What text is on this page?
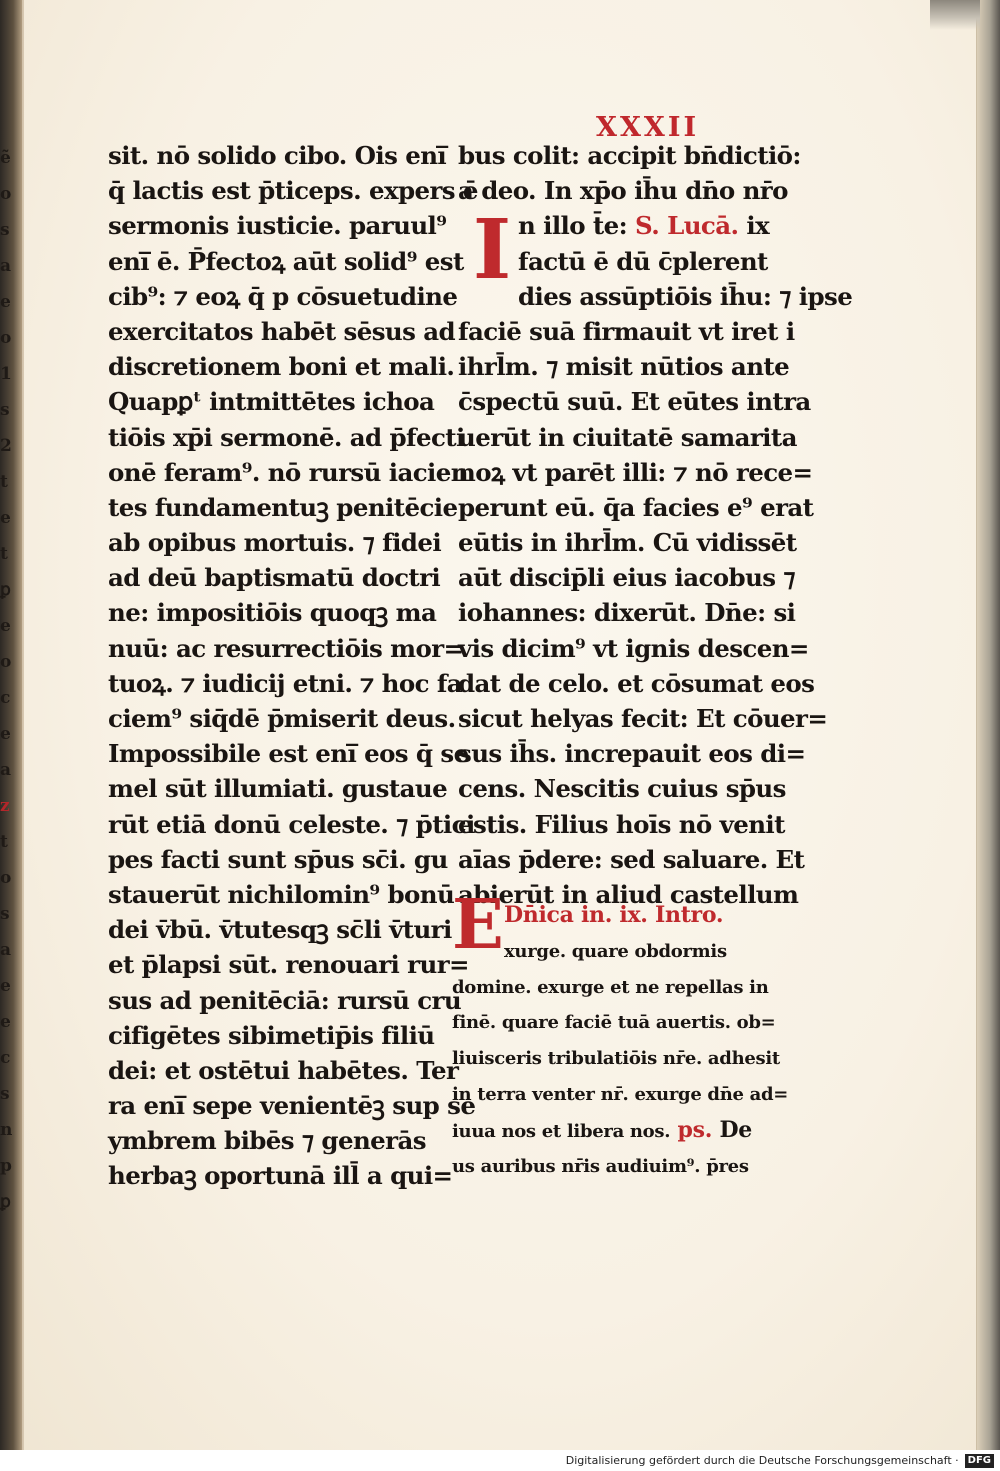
ẽ
o
s
a
e
o
1
s
2
t
e
t
ꝑ
e
o
c
e
a
z
t
o
s
a
e
e
c
s
n
p
ꝑ
XXXII
sit. nō solido cibo. Ois eni̅
q̄ lactis est p̄ticeps. expers ē
sermonis iusticie. paruul⁹
eni̅ ē. P̄fectoꝝ aūt solid⁹ est
cib⁹: ⁊ eoꝝ q̄ p cōsuetudine
exercitatos habēt sēsus ad
discretionem boni et mali.
Quapꝑᵗ intmittētes ichoa
tiōis xp̄i sermonē. ad p̄fecti
onē feram⁹. nō rursū iacien
tes fundamentuꝫ penitēcie
ab opibus mortuis. ⁊ fidei
ad deū baptismatū doctri
ne: impositiōis quoqꝫ ma
nuū: ac resurrectiōis mor=
tuoꝝ. ⁊ iudicij etni. ⁊ hoc fa
ciem⁹ siq̄dē p̄miserit deus.
Impossibile est eni̅ eos q̄ se
mel sūt illumiati. gustaue
rūt etiā donū celeste. ⁊ p̄tici
pes facti sunt sp̄us sc̄i. gu
stauerūt nichilomin⁹ bonū
dei v̄bū. v̄tutesqꝫ sc̄li v̄turi
et p̄lapsi sūt. renouari rur=
sus ad penitēciā: rursū cru
cifigētes sibimetip̄is filiū
dei: et ostētui habētes. Ter
ra eni̅ sepe venientēꝫ sup se
ymbrem bibēs ⁊ generās
herbaꝫ oportunā ill̄ a qui=
I
bus colit: accipit bn̄dictiō:
a deo. In xp̄o ih̄u dn̄o nr̄o
n illo t̄e: S. Lucā. ix
factū ē dū c̄plerent
dies assūptiōis ih̄u: ⁊ ipse
faciē suā firmauit vt iret i
ihrl̄m. ⁊ misit nūtios ante
c̄spectū suū. Et eūtes intra
uerūt in ciuitatē samarita
noꝝ vt parēt illi: ⁊ nō rece=
perunt eū. q̄a facies e⁹ erat
eūtis in ihrl̄m. Cū vidissēt
aūt discip̄li eius iacobus ⁊
iohannes: dixerūt. Dn̄e: si
vis dicim⁹ vt ignis descen=
dat de celo. et cōsumat eos
sicut helyas fecit: Et cōuer=
sus ih̄s. increpauit eos di=
cens. Nescitis cuius sp̄us
estis. Filius hoīs nō venit
aīas p̄dere: sed saluare. Et
abierūt in aliud castellum
E Dn̄ica in. ix. Intro.
xurge. quare obdormis
domine. exurge et ne repellas in
finē. quare faciē tuā auertis. ob=
liuisceris tribulatiōis nr̄e. adhesit
in terra venter nr̄. exurge dn̄e ad=
iuua nos et libera nos. ps. De
us auribus nr̄is audiuim⁹. p̄res
Digitalisierung gefördert durch die Deutsche Forschungsgemeinschaft · DFG
